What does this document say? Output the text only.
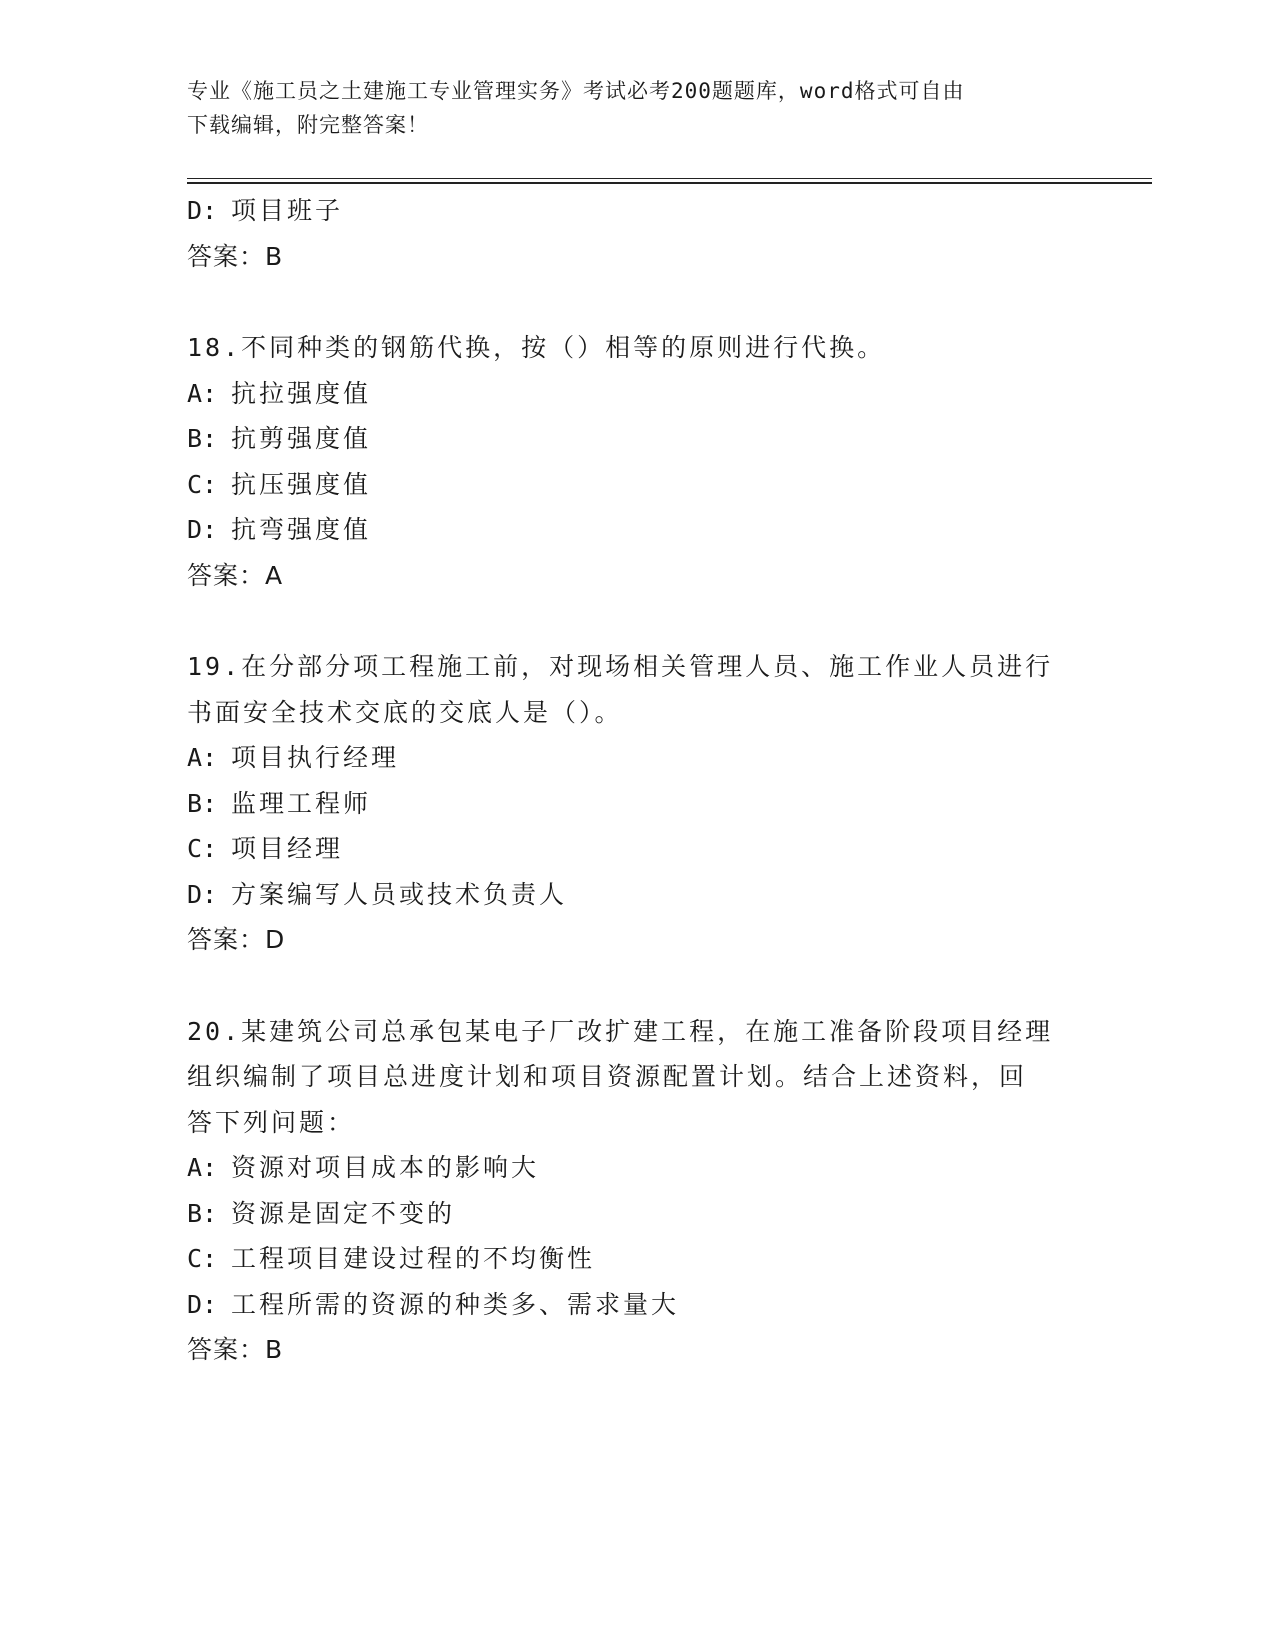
专业《施工员之土建施工专业管理实务》考试必考200题题库，word格式可自由
下载编辑，附完整答案！
D: 项目班子
答案：B
18.不同种类的钢筋代换，按（）相等的原则进行代换。
A: 抗拉强度值
B: 抗剪强度值
C: 抗压强度值
D: 抗弯强度值
答案：A
19.在分部分项工程施工前，对现场相关管理人员、施工作业人员进行
书面安全技术交底的交底人是（）。
A: 项目执行经理
B: 监理工程师
C: 项目经理
D: 方案编写人员或技术负责人
答案：D
20.某建筑公司总承包某电子厂改扩建工程，在施工准备阶段项目经理
组织编制了项目总进度计划和项目资源配置计划。结合上述资料，回
答下列问题：
A: 资源对项目成本的影响大
B: 资源是固定不变的
C: 工程项目建设过程的不均衡性
D: 工程所需的资源的种类多、需求量大
答案：B
